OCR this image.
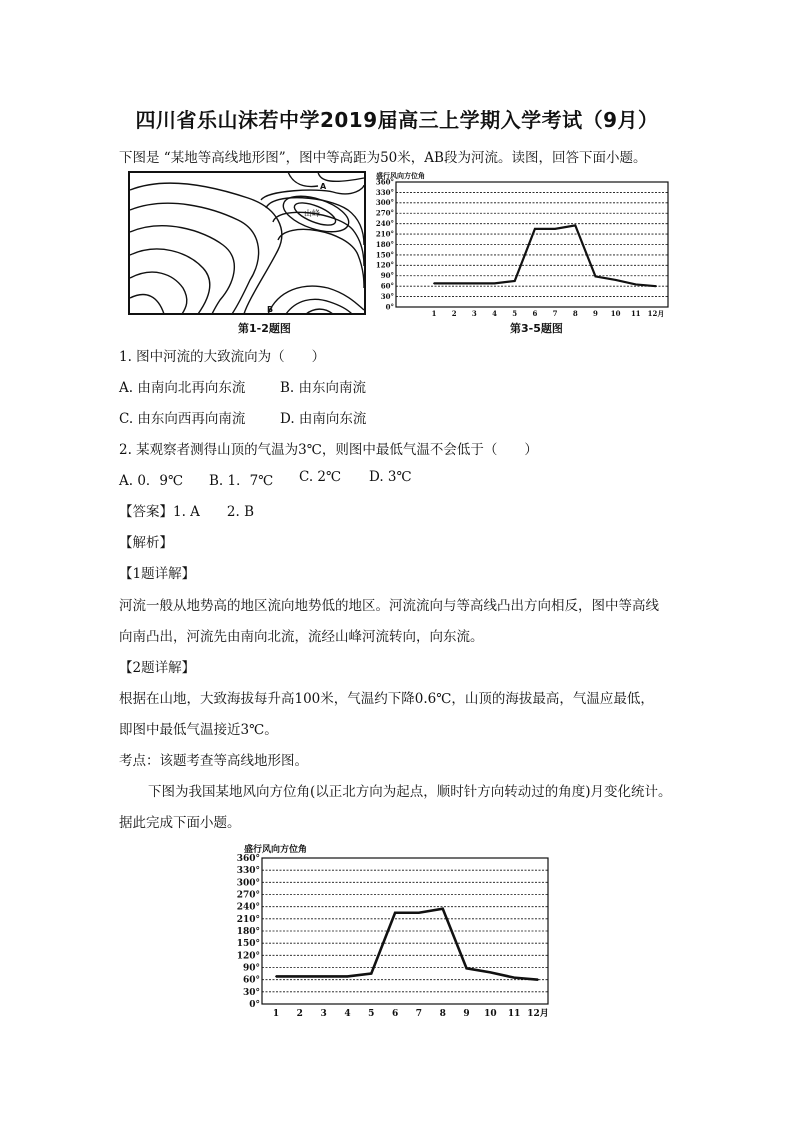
四川省乐山沫若中学2019届高三上学期入学考试（9月）
下图是 “某地等高线地形图”，图中等高距为50米，AB段为河流。读图，回答下面小题。
A
B
山峰
第1-2题图
盛行风向方位角
0°
30°
60°
90°
120°
150°
180°
210°
240°
270°
300°
330°
360°
1 2 3 4 5 6 7 8 9 10 11 12月
第3-5题图
1. 图中河流的大致流向为（　　）
A. 由南向北再向东流	B. 由东向南流
C. 由东向西再向南流	D. 由南向东流
2. 某观察者测得山顶的气温为3℃，则图中最低气温不会低于（　　）
A. 0．9℃ B. 1．7℃ C. 2℃ D. 3℃
【答案】1. A　　2. B
【解析】
【1题详解】
河流一般从地势高的地区流向地势低的地区。河流流向与等高线凸出方向相反，图中等高线
向南凸出，河流先由南向北流，流经山峰河流转向，向东流。
【2题详解】
根据在山地，大致海拔每升高100米，气温约下降0.6℃，山顶的海拔最高，气温应最低，
即图中最低气温接近3℃。
考点：该题考查等高线地形图。
下图为我国某地风向方位角(以正北方向为起点，顺时针方向转动过的角度)月变化统计。
据此完成下面小题。
盛行风向方位角
0°
30°
60°
90°
120°
150°
180°
210°
240°
270°
300°
330°
360°
1 2 3 4 5 6 7 8 9 10 11 12月
